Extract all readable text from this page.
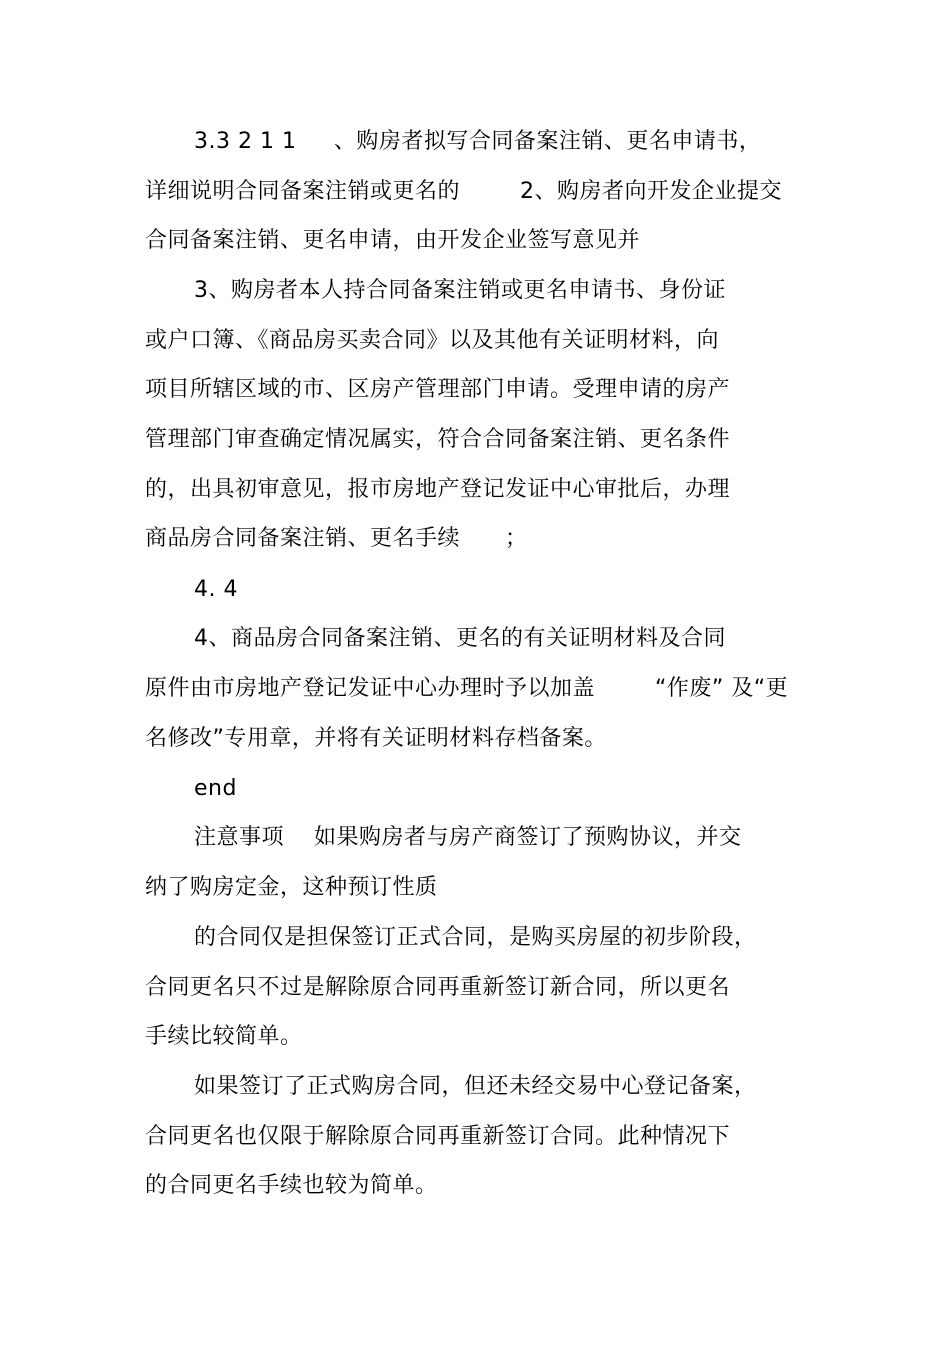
3.3 2 1 1     、购房者拟写合同备案注销、更名申请书，
详细说明合同备案注销或更名的        2、购房者向开发企业提交
合同备案注销、更名申请，由开发企业签写意见并
3、购房者本人持合同备案注销或更名申请书、身份证
或户口簿、《商品房买卖合同》以及其他有关证明材料，向
项目所辖区域的市、区房产管理部门申请。受理申请的房产
管理部门审查确定情况属实，符合合同备案注销、更名条件
的，出具初审意见，报市房地产登记发证中心审批后，办理
商品房合同备案注销、更名手续      ；
4. 4
4、商品房合同备案注销、更名的有关证明材料及合同
原件由市房地产登记发证中心办理时予以加盖        “作废” 及“更
名修改”专用章，并将有关证明材料存档备案。
end
注意事项    如果购房者与房产商签订了预购协议，并交
纳了购房定金，这种预订性质
的合同仅是担保签订正式合同，是购买房屋的初步阶段，
合同更名只不过是解除原合同再重新签订新合同，所以更名
手续比较简单。
如果签订了正式购房合同，但还未经交易中心登记备案，
合同更名也仅限于解除原合同再重新签订合同。此种情况下
的合同更名手续也较为简单。
